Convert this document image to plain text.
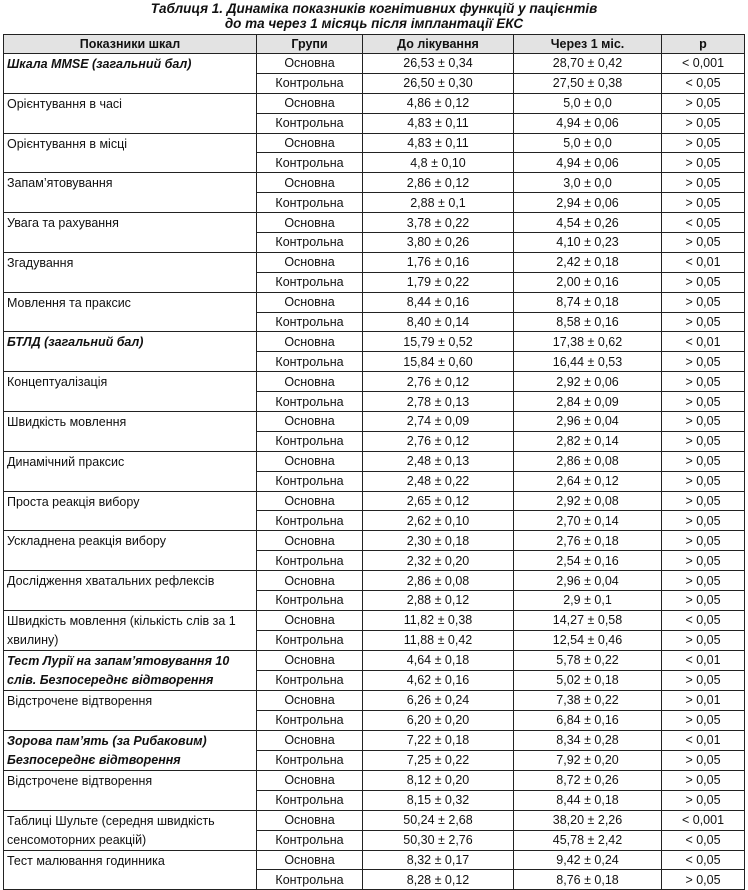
Таблиця 1. Динаміка показників когнітивних функцій у пацієнтів
до та через 1 місяць після імплантації ЕКС
Показники шкал	Групи	До лікування	Через 1 міс.	p
Шкала MMSE (загальний бал)	Основна	26,53 ± 0,34	28,70 ± 0,42	< 0,001
	Контрольна	26,50 ± 0,30	27,50 ± 0,38	< 0,05
Орієнтування в часі	Основна	4,86 ± 0,12	5,0 ± 0,0	> 0,05
	Контрольна	4,83 ± 0,11	4,94 ± 0,06	> 0,05
Орієнтування в місці	Основна	4,83 ± 0,11	5,0 ± 0,0	> 0,05
	Контрольна	4,8 ± 0,10	4,94 ± 0,06	> 0,05
Запам’ятовування	Основна	2,86 ± 0,12	3,0 ± 0,0	> 0,05
	Контрольна	2,88 ± 0,1	2,94 ± 0,06	> 0,05
Увага та рахування	Основна	3,78 ± 0,22	4,54 ± 0,26	< 0,05
	Контрольна	3,80 ± 0,26	4,10 ± 0,23	> 0,05
Згадування	Основна	1,76 ± 0,16	2,42 ± 0,18	< 0,01
	Контрольна	1,79 ± 0,22	2,00 ± 0,16	> 0,05
Мовлення та праксис	Основна	8,44 ± 0,16	8,74 ± 0,18	> 0,05
	Контрольна	8,40 ± 0,14	8,58 ± 0,16	> 0,05
БТЛД (загальний бал)	Основна	15,79 ± 0,52	17,38 ± 0,62	< 0,01
	Контрольна	15,84 ± 0,60	16,44 ± 0,53	> 0,05
Концептуалізація	Основна	2,76 ± 0,12	2,92 ± 0,06	> 0,05
	Контрольна	2,78 ± 0,13	2,84 ± 0,09	> 0,05
Швидкість мовлення	Основна	2,74 ± 0,09	2,96 ± 0,04	> 0,05
	Контрольна	2,76 ± 0,12	2,82 ± 0,14	> 0,05
Динамічний праксис	Основна	2,48 ± 0,13	2,86 ± 0,08	> 0,05
	Контрольна	2,48 ± 0,22	2,64 ± 0,12	> 0,05
Проста реакція вибору	Основна	2,65 ± 0,12	2,92 ± 0,08	> 0,05
	Контрольна	2,62 ± 0,10	2,70 ± 0,14	> 0,05
Ускладнена реакція вибору	Основна	2,30 ± 0,18	2,76 ± 0,18	> 0,05
	Контрольна	2,32 ± 0,20	2,54 ± 0,16	> 0,05
Дослідження хватальних рефлексів	Основна	2,86 ± 0,08	2,96 ± 0,04	> 0,05
	Контрольна	2,88 ± 0,12	2,9 ± 0,1	> 0,05
Швидкість мовлення (кількість слів за 1 хвилину)	Основна	11,82 ± 0,38	14,27 ± 0,58	< 0,05
	Контрольна	11,88 ± 0,42	12,54 ± 0,46	> 0,05
Тест Лурії на запам’ятовування 10 слів. Безпосереднє відтворення	Основна	4,64 ± 0,18	5,78 ± 0,22	< 0,01
	Контрольна	4,62 ± 0,16	5,02 ± 0,18	> 0,05
Відстрочене відтворення	Основна	6,26 ± 0,24	7,38 ± 0,22	> 0,01
	Контрольна	6,20 ± 0,20	6,84 ± 0,16	> 0,05
Зорова пам’ять (за Рибаковим) Безпосереднє відтворення	Основна	7,22 ± 0,18	8,34 ± 0,28	< 0,01
	Контрольна	7,25 ± 0,22	7,92 ± 0,20	> 0,05
Відстрочене відтворення	Основна	8,12 ± 0,20	8,72 ± 0,26	> 0,05
	Контрольна	8,15 ± 0,32	8,44 ± 0,18	> 0,05
Таблиці Шульте (середня швидкість сенсомоторних реакцій)	Основна	50,24 ± 2,68	38,20 ± 2,26	< 0,001
	Контрольна	50,30 ± 2,76	45,78 ± 2,42	< 0,05
Тест малювання годинника	Основна	8,32 ± 0,17	9,42 ± 0,24	< 0,05
	Контрольна	8,28 ± 0,12	8,76 ± 0,18	> 0,05
